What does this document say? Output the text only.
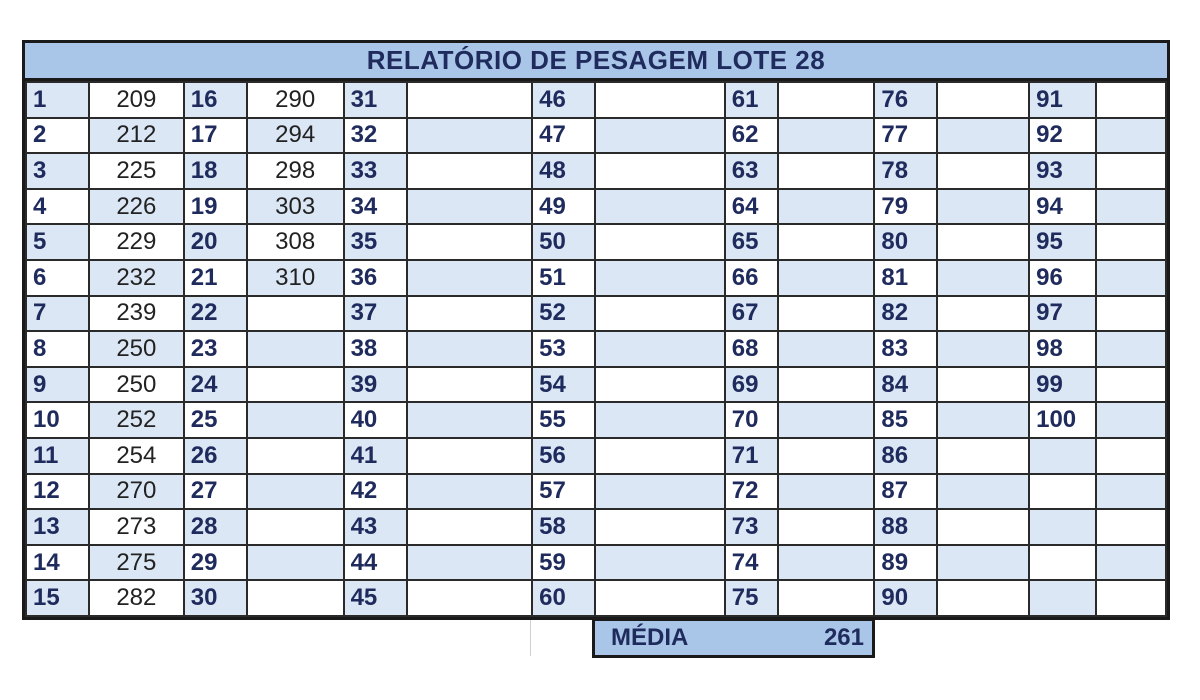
RELATÓRIO DE PESAGEM LOTE 28
1	209	16	290	31		46		61		76		91	
2	212	17	294	32		47		62		77		92	
3	225	18	298	33		48		63		78		93	
4	226	19	303	34		49		64		79		94	
5	229	20	308	35		50		65		80		95	
6	232	21	310	36		51		66		81		96	
7	239	22		37		52		67		82		97	
8	250	23		38		53		68		83		98	
9	250	24		39		54		69		84		99	
10	252	25		40		55		70		85		100	
11	254	26		41		56		71		86			
12	270	27		42		57		72		87			
13	273	28		43		58		73		88			
14	275	29		44		59		74		89			
15	282	30		45		60		75		90			
MÉDIA	261
